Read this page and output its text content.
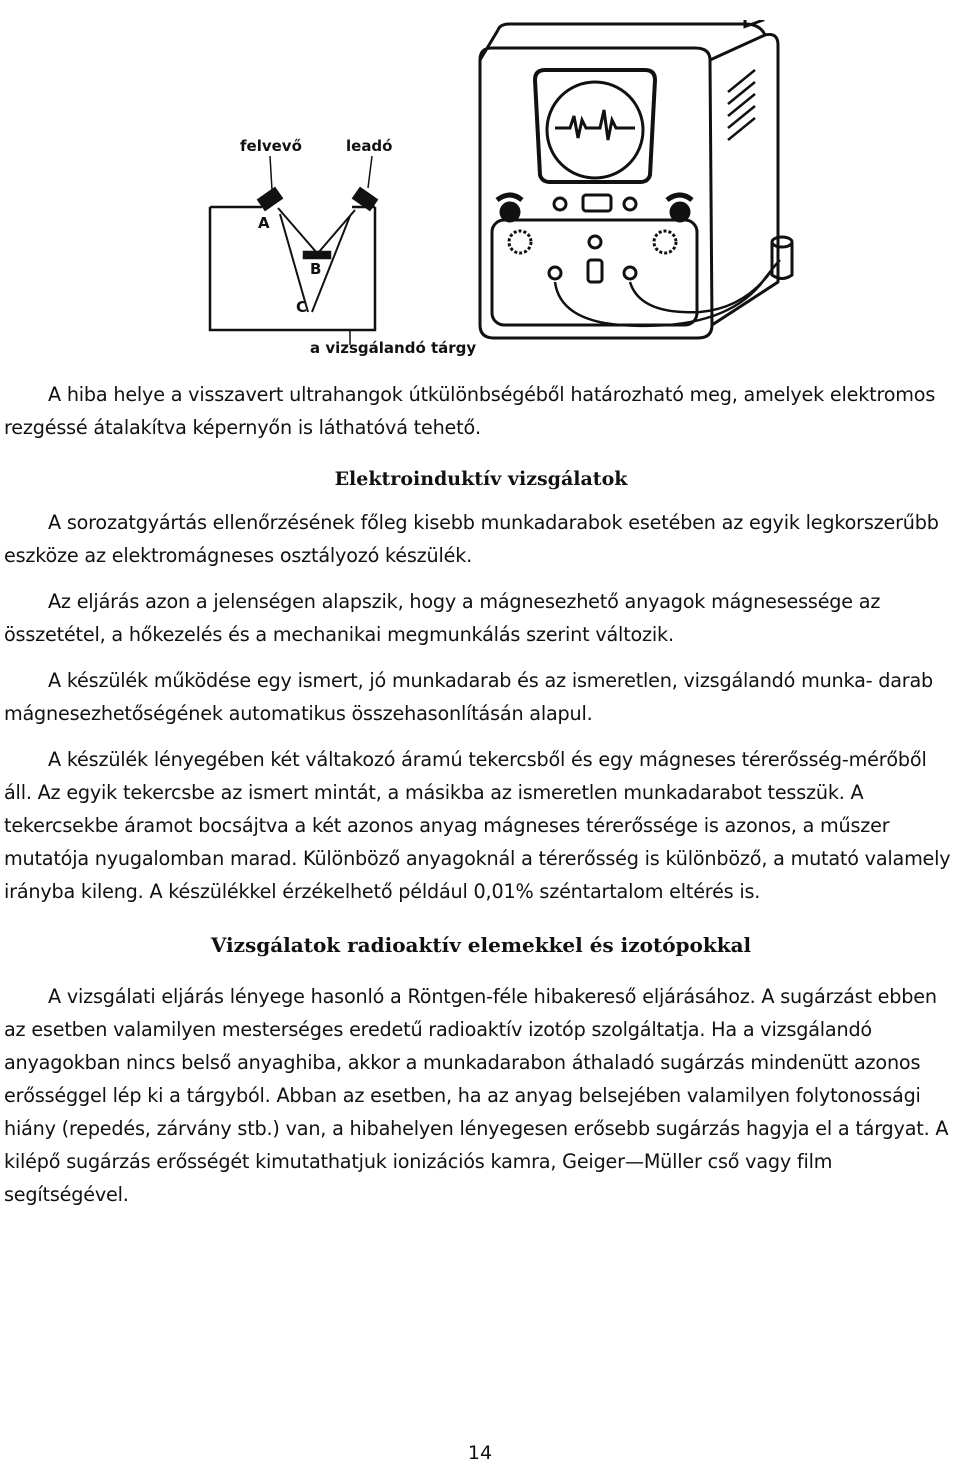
felvevő	leadó
A
B
C
a vizsgálandó tárgy

A hiba helye a visszavert ultrahangok útkülönbségéből határozható meg, amelyek elektromos rezgéssé átalakítva képernyőn is láthatóvá tehető.

Elektroinduktív vizsgálatok

A sorozatgyártás ellenőrzésének főleg kisebb munkadarabok esetében az egyik legkorszerűbb eszköze az elektromágneses osztályozó készülék.

Az eljárás azon a jelenségen alapszik, hogy a mágnesezhető anyagok mágnesessége az összetétel, a hőkezelés és a mechanikai megmunkálás szerint változik.

A készülék működése egy ismert, jó munkadarab és az ismeretlen, vizsgálandó munka- darab mágnesezhetőségének automatikus összehasonlításán alapul.

A készülék lényegében két váltakozó áramú tekercsből és egy mágneses térerősség-mérőből áll. Az egyik tekercsbe az ismert mintát, a másikba az ismeretlen munkadarabot tesszük. A tekercsekbe áramot bocsájtva a két azonos anyag mágneses térerőssége is azonos, a műszer mutatója nyugalomban marad. Különböző anyagoknál a térerősség is különböző, a mutató valamely irányba kileng. A készülékkel érzékelhető például 0,01% széntartalom eltérés is.

Vizsgálatok radioaktív elemekkel és izotópokkal

A vizsgálati eljárás lényege hasonló a Röntgen-féle hibakereső eljárásához. A sugárzást ebben az esetben valamilyen mesterséges eredetű radioaktív izotóp szolgáltatja. Ha a vizsgálandó anyagokban nincs belső anyaghiba, akkor a munkadarabon áthaladó sugárzás mindenütt azonos erősséggel lép ki a tárgyból. Abban az esetben, ha az anyag belsejében valamilyen folytonossági hiány (repedés, zárvány stb.) van, a hibahelyen lényegesen erősebb sugárzás hagyja el a tárgyat. A kilépő sugárzás erősségét kimutathatjuk ionizációs kamra, Geiger—Müller cső vagy film segítségével.

14
